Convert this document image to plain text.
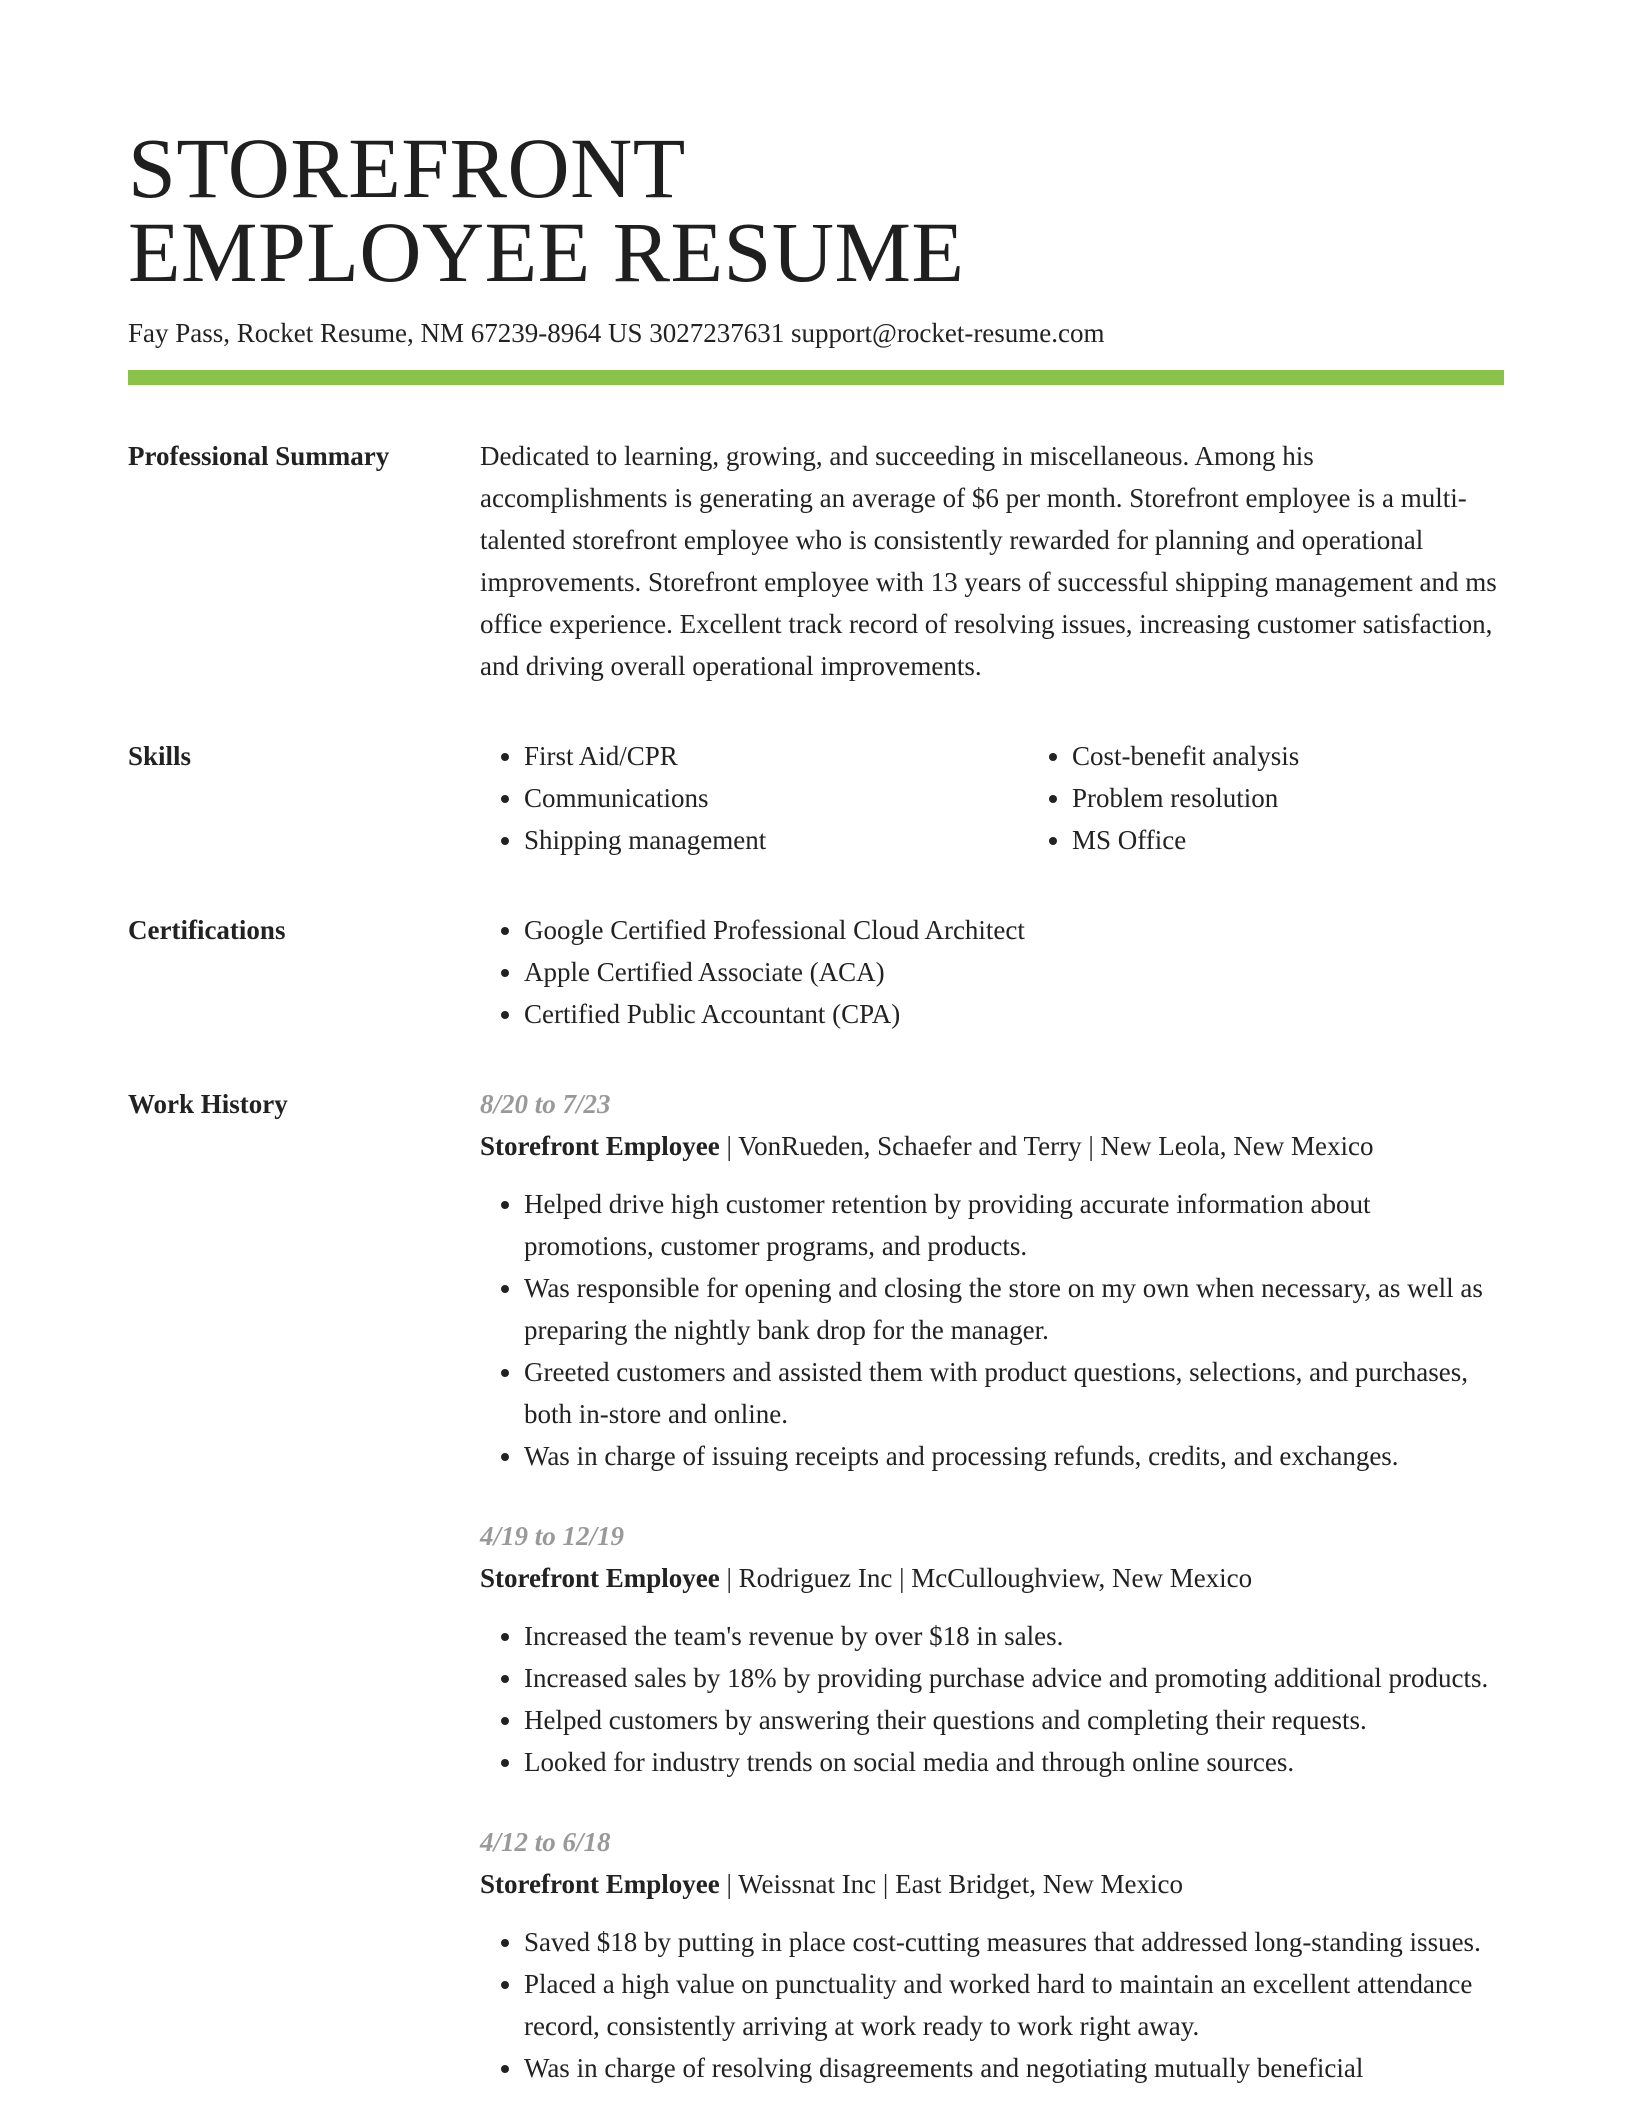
STOREFRONT
EMPLOYEE RESUME
Fay Pass, Rocket Resume, NM 67239-8964 US 3027237631 support@rocket-resume.com
Professional Summary	Dedicated to learning, growing, and succeeding in miscellaneous. Among his accomplishments is generating an average of $6 per month. Storefront employee is a multi-talented storefront employee who is consistently rewarded for planning and operational improvements. Storefront employee with 13 years of successful shipping management and ms office experience. Excellent track record of resolving issues, increasing customer satisfaction, and driving overall operational improvements.

Skills	• First Aid/CPR
• Communications
• Shipping management
• Cost-benefit analysis
• Problem resolution
• MS Office
Certifications	• Google Certified Professional Cloud Architect
• Apple Certified Associate (ACA)
• Certified Public Accountant (CPA)
Work History	8/20 to 7/23
Storefront Employee | VonRueden, Schaefer and Terry | New Leola, New Mexico
• Helped drive high customer retention by providing accurate information about promotions, customer programs, and products.
• Was responsible for opening and closing the store on my own when necessary, as well as preparing the nightly bank drop for the manager.
• Greeted customers and assisted them with product questions, selections, and purchases, both in-store and online.
• Was in charge of issuing receipts and processing refunds, credits, and exchanges.
4/19 to 12/19
Storefront Employee | Rodriguez Inc | McCulloughview, New Mexico
• Increased the team's revenue by over $18 in sales.
• Increased sales by 18% by providing purchase advice and promoting additional products.
• Helped customers by answering their questions and completing their requests.
• Looked for industry trends on social media and through online sources.
4/12 to 6/18
Storefront Employee | Weissnat Inc | East Bridget, New Mexico
• Saved $18 by putting in place cost-cutting measures that addressed long-standing issues.
• Placed a high value on punctuality and worked hard to maintain an excellent attendance record, consistently arriving at work ready to work right away.
• Was in charge of resolving disagreements and negotiating mutually beneficial
